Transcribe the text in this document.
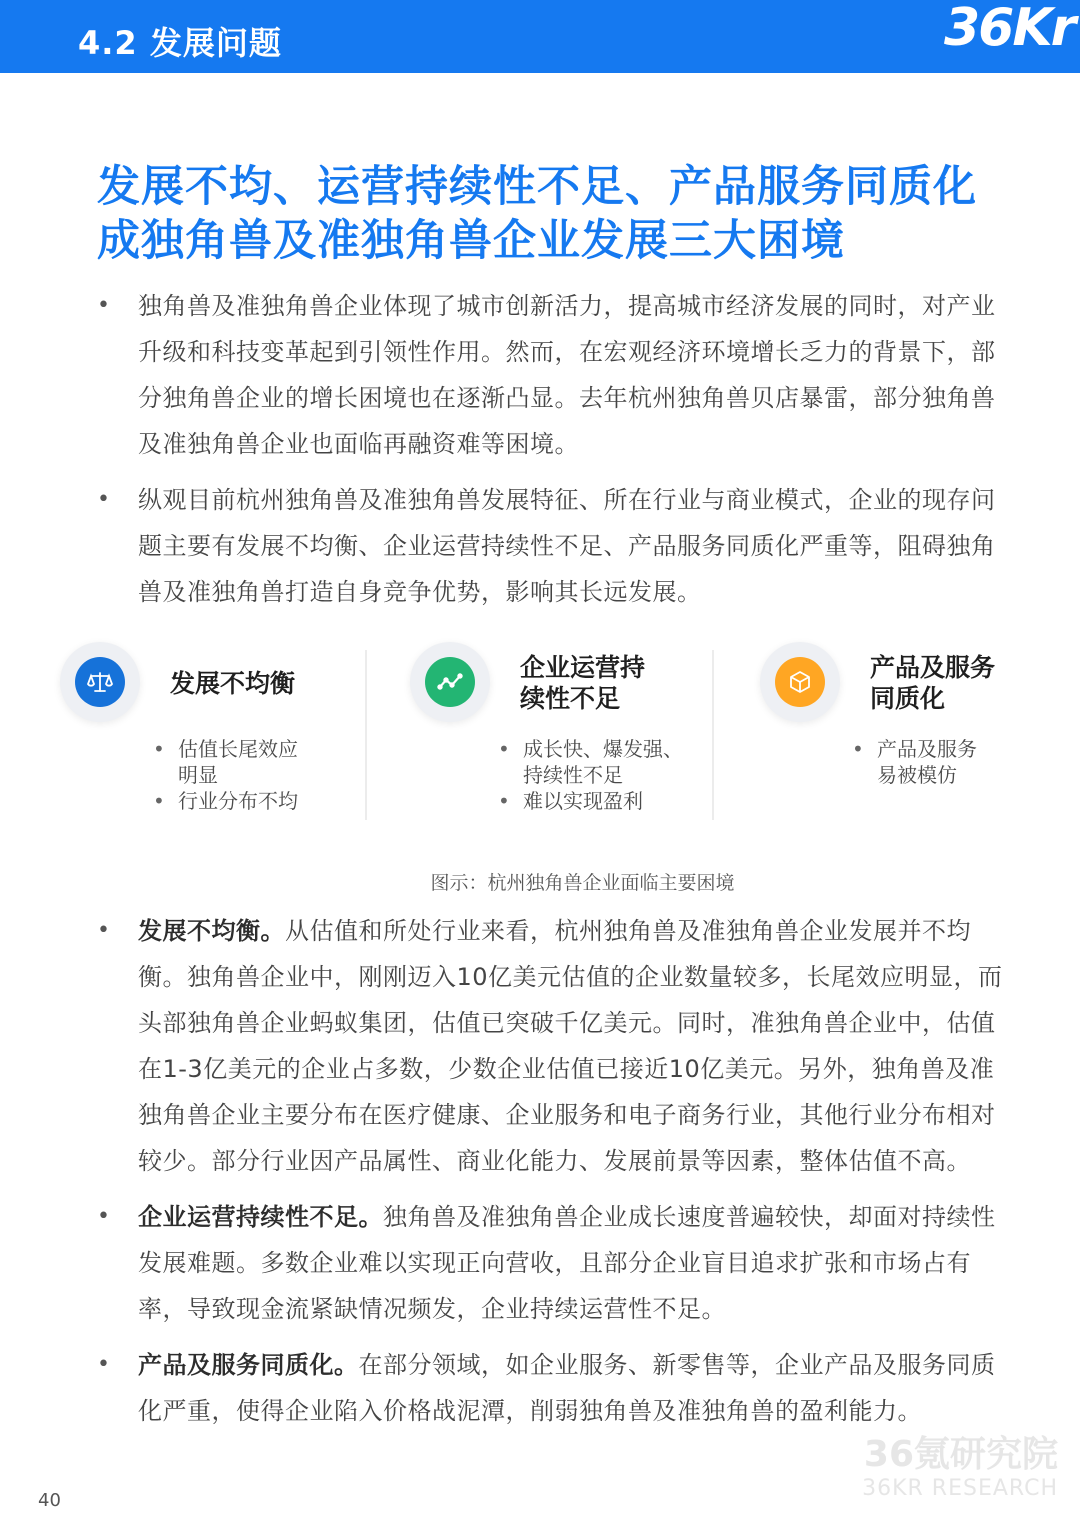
4.2 发展问题	36Kr
发展不均、运营持续性不足、产品服务同质化
成独角兽及准独角兽企业发展三大困境

• 独角兽及准独角兽企业体现了城市创新活力，提高城市经济发展的同时，对产业升级和科技变革起到引领性作用。然而，在宏观经济环境增长乏力的背景下，部分独角兽企业的增长困境也在逐渐凸显。去年杭州独角兽贝店暴雷，部分独角兽及准独角兽企业也面临再融资难等困境。

• 纵观目前杭州独角兽及准独角兽发展特征、所在行业与商业模式，企业的现存问题主要有发展不均衡、企业运营持续性不足、产品服务同质化严重等，阻碍独角兽及准独角兽打造自身竞争优势，影响其长远发展。

发展不均衡
• 估值长尾效应
明显
• 行业分布不均
企业运营持
续性不足
• 成长快、爆发强、
持续性不足
• 难以实现盈利
产品及服务
同质化
• 产品及服务
易被模仿
图示：杭州独角兽企业面临主要困境

• 发展不均衡。从估值和所处行业来看，杭州独角兽及准独角兽企业发展并不均衡。独角兽企业中，刚刚迈入10亿美元估值的企业数量较多，长尾效应明显，而头部独角兽企业蚂蚁集团，估值已突破千亿美元。同时，准独角兽企业中，估值在1-3亿美元的企业占多数，少数企业估值已接近10亿美元。另外，独角兽及准独角兽企业主要分布在医疗健康、企业服务和电子商务行业，其他行业分布相对较少。部分行业因产品属性、商业化能力、发展前景等因素，整体估值不高。

• 企业运营持续性不足。独角兽及准独角兽企业成长速度普遍较快，却面对持续性发展难题。多数企业难以实现正向营收，且部分企业盲目追求扩张和市场占有率，导致现金流紧缺情况频发，企业持续运营性不足。

• 产品及服务同质化。在部分领域，如企业服务、新零售等，企业产品及服务同质化严重，使得企业陷入价格战泥潭，削弱独角兽及准独角兽的盈利能力。

36氪研究院
36KR RESEARCH
40
